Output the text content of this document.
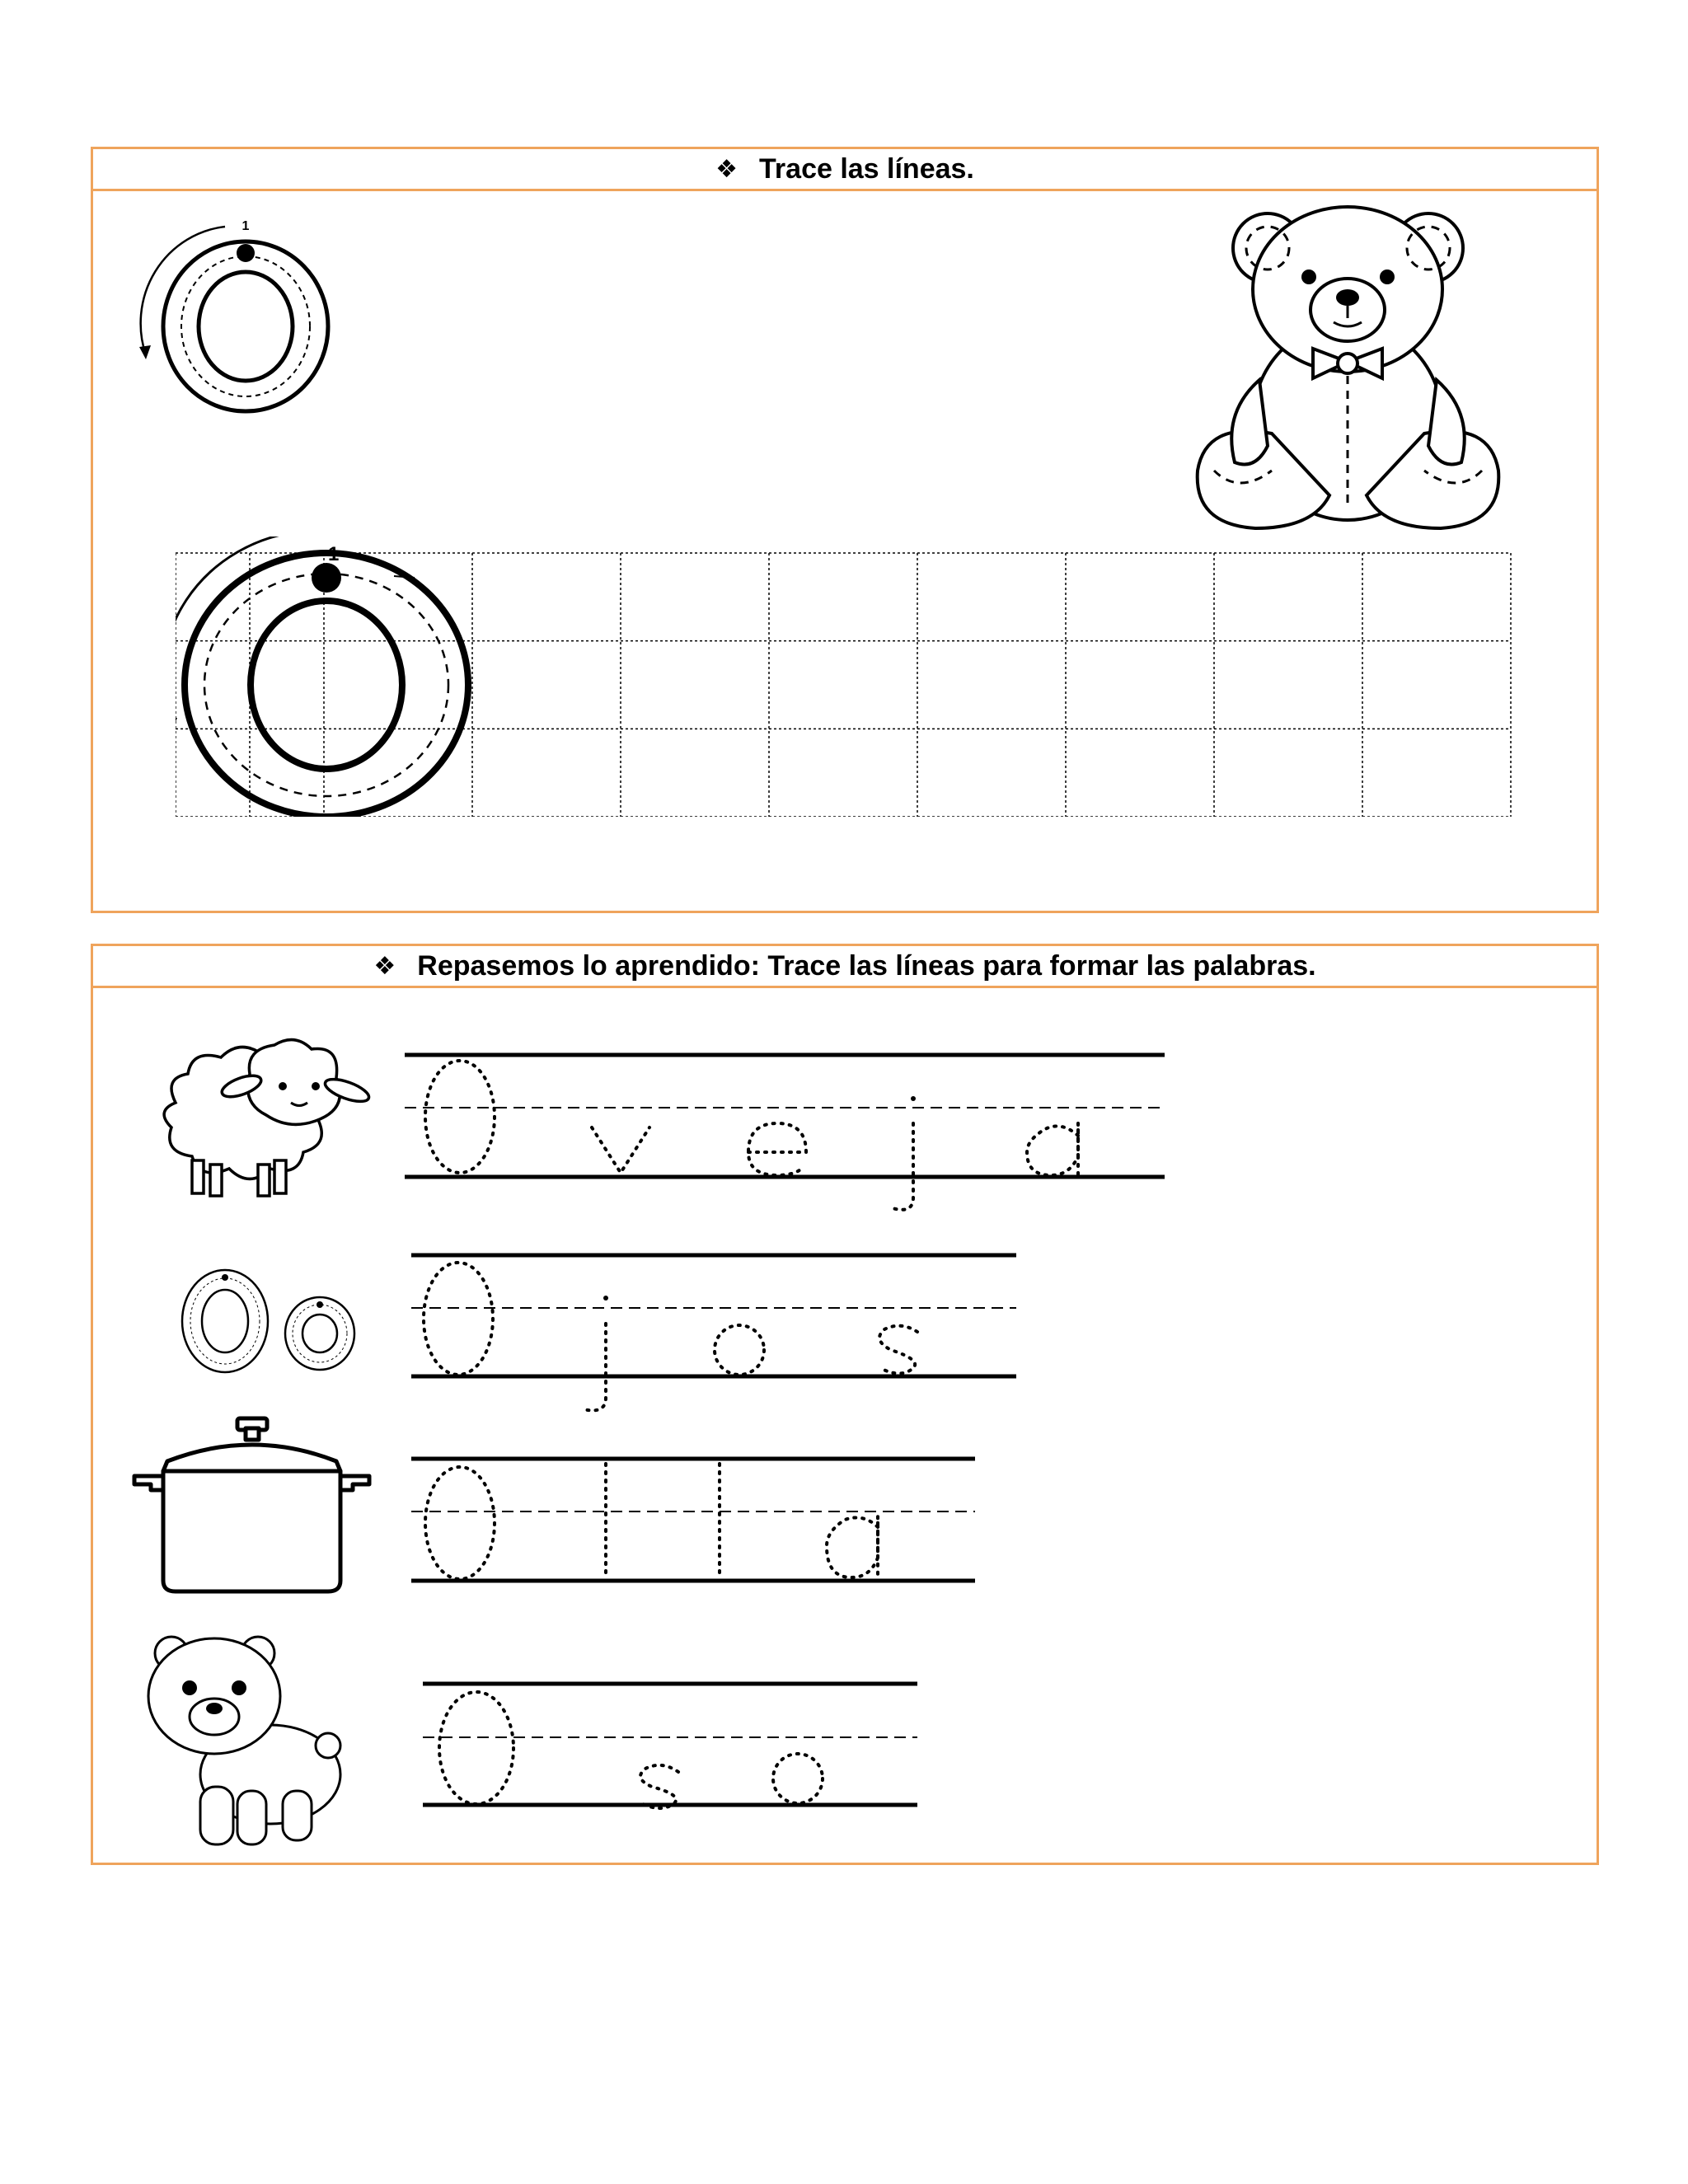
❖ Trace las líneas.
1
1
❖ Repasemos lo aprendido: Trace las líneas para formar las palabras.
